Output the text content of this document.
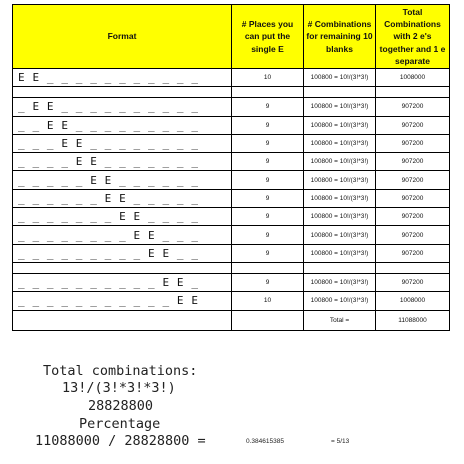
Format	# Places you can put the single E	# Combinations for remaining 10 blanks	Total Combinations with 2 e's together and 1 e separate
E E _ _ _ _ _ _ _ _ _ _ _	10	100800 = 10!/(3!*3!)	1008000

_ E E _ _ _ _ _ _ _ _ _ _	9	100800 = 10!/(3!*3!)	907200
_ _ E E _ _ _ _ _ _ _ _ _	9	100800 = 10!/(3!*3!)	907200
_ _ _ E E _ _ _ _ _ _ _ _	9	100800 = 10!/(3!*3!)	907200
_ _ _ _ E E _ _ _ _ _ _ _	9	100800 = 10!/(3!*3!)	907200
_ _ _ _ _ E E _ _ _ _ _ _	9	100800 = 10!/(3!*3!)	907200
_ _ _ _ _ _ E E _ _ _ _ _	9	100800 = 10!/(3!*3!)	907200
_ _ _ _ _ _ _ E E _ _ _ _	9	100800 = 10!/(3!*3!)	907200
_ _ _ _ _ _ _ _ E E _ _ _	9	100800 = 10!/(3!*3!)	907200
_ _ _ _ _ _ _ _ _ E E _ _	9	100800 = 10!/(3!*3!)	907200

_ _ _ _ _ _ _ _ _ _ E E _	9	100800 = 10!/(3!*3!)	907200
_ _ _ _ _ _ _ _ _ _ _ E E	10	100800 = 10!/(3!*3!)	1008000
		Total =	11088000
Total combinations:
13!/(3!*3!*3!)
28828800
Percentage
11088000 / 28828800 =	0.384615385	= 5/13
